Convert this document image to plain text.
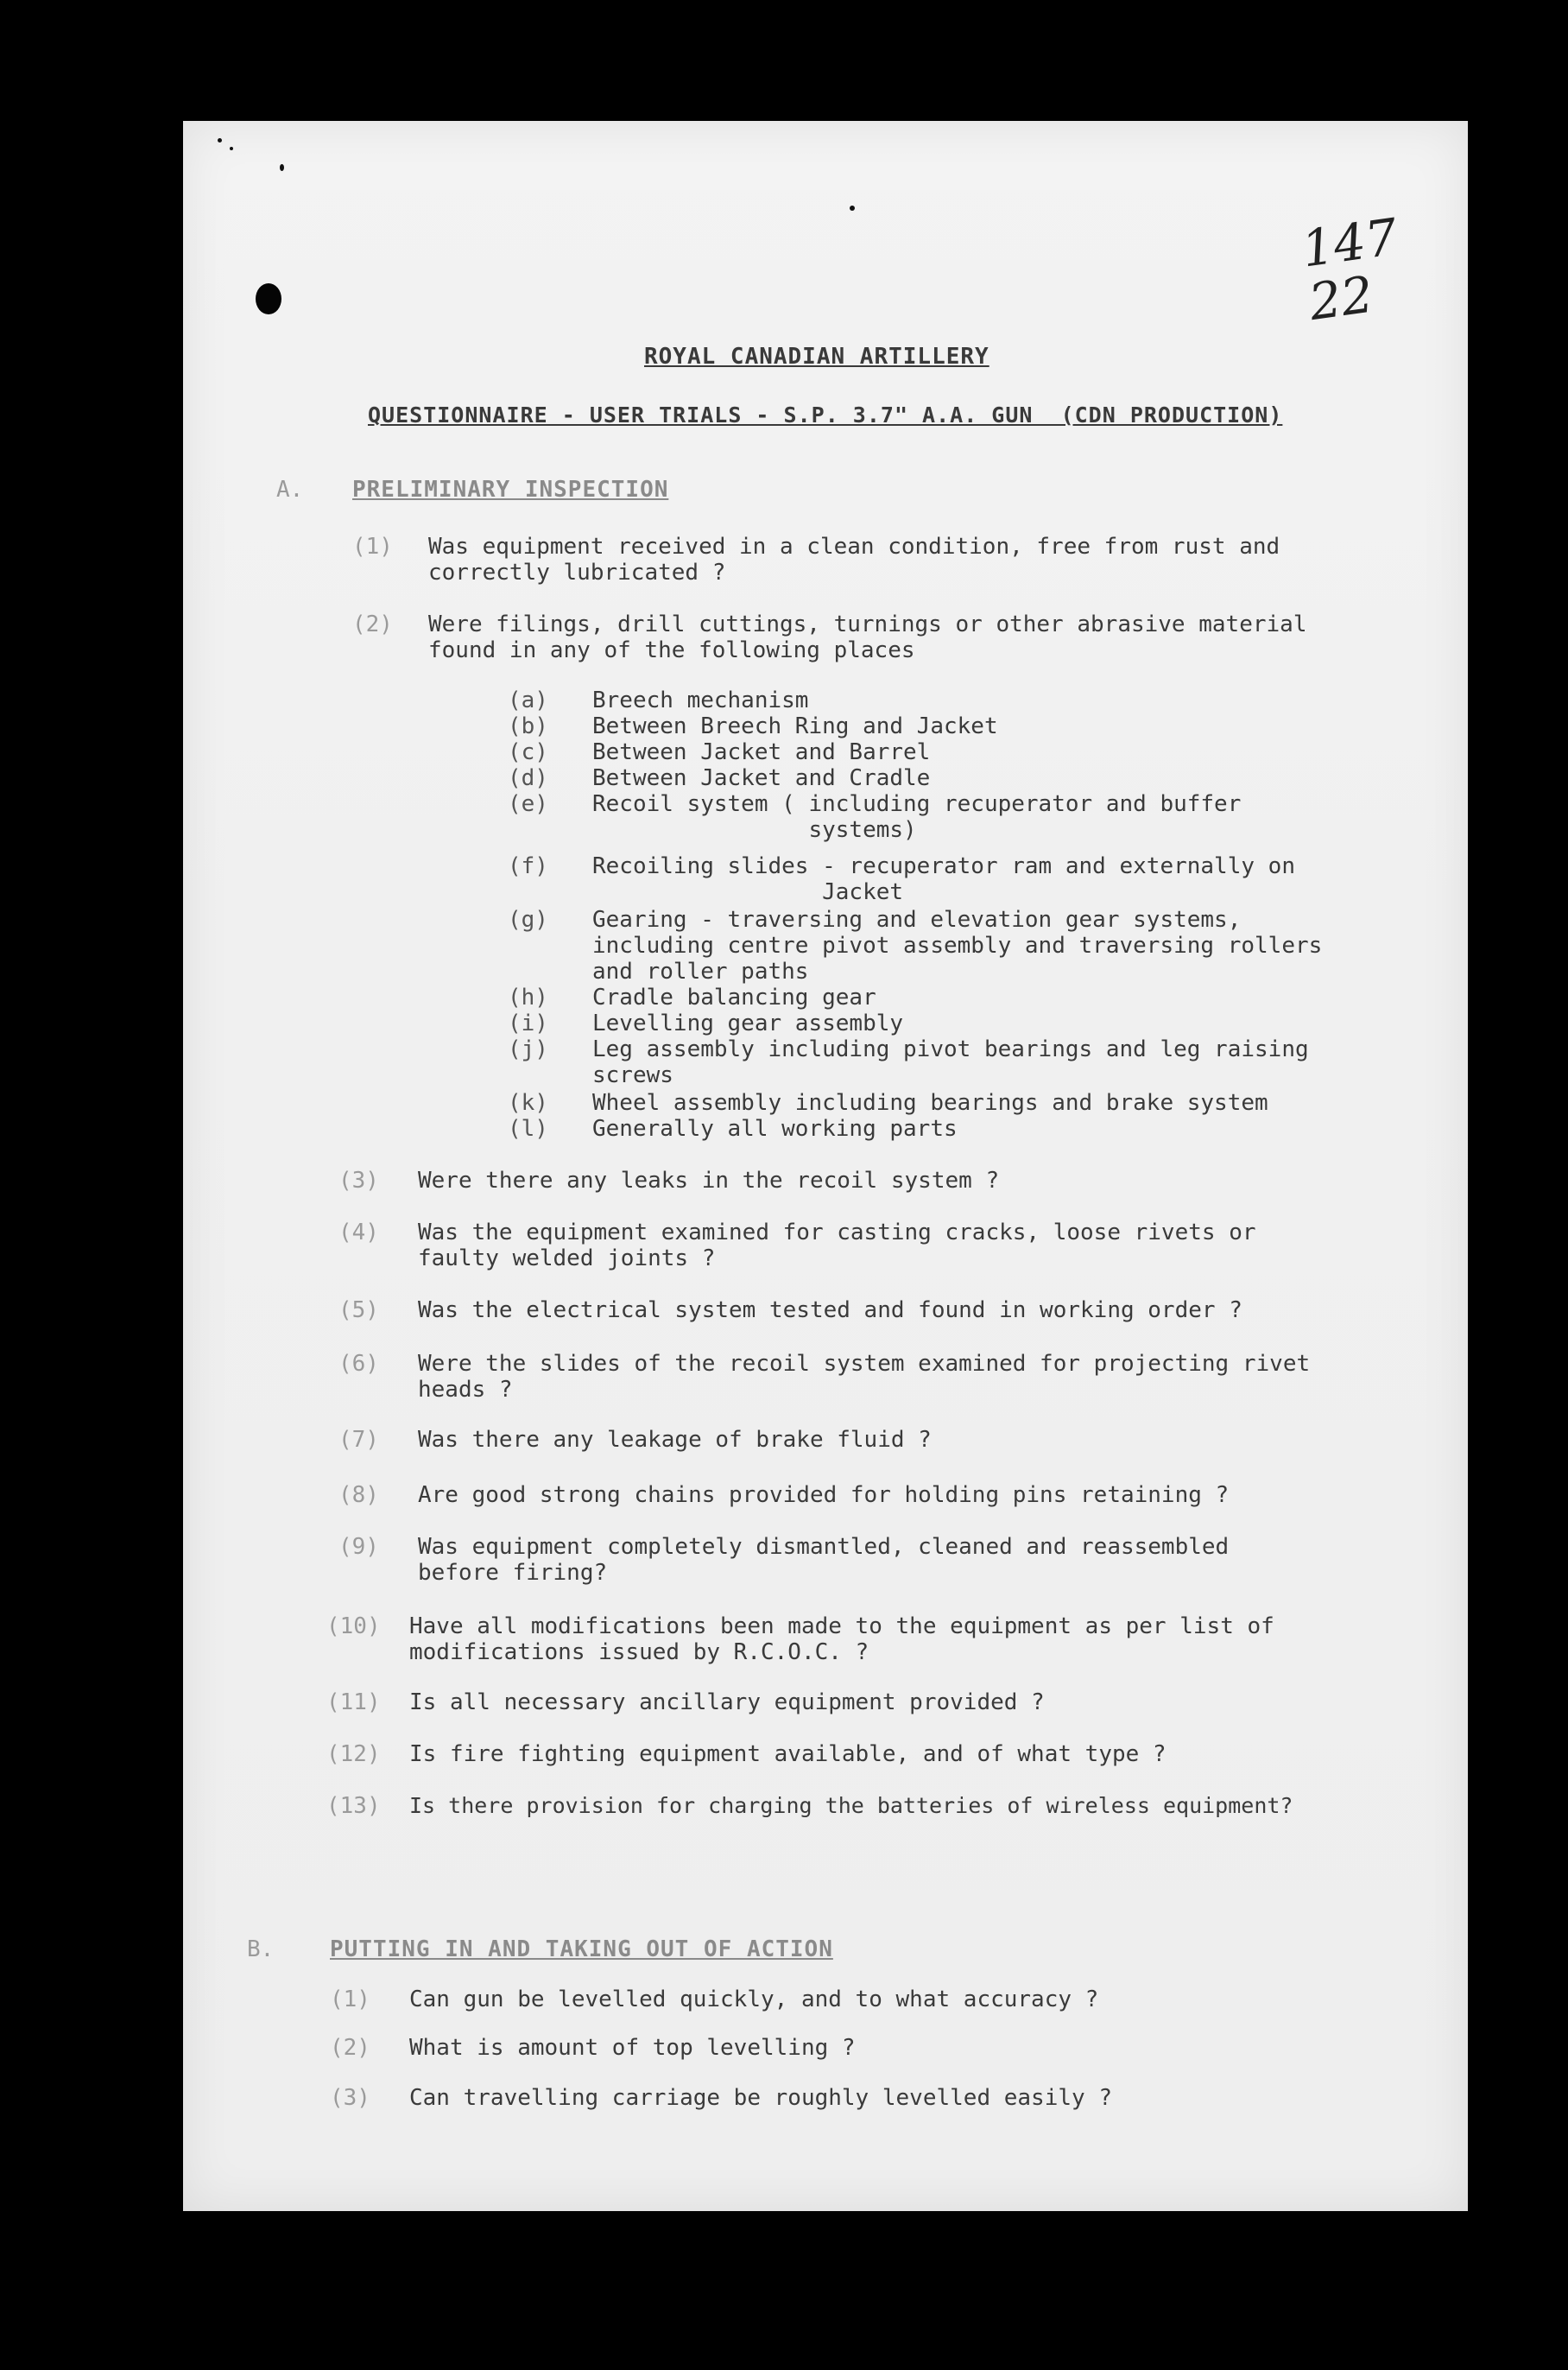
147
22
ROYAL CANADIAN ARTILLERY
QUESTIONNAIRE - USER TRIALS - S.P. 3.7" A.A. GUN  (CDN PRODUCTION)
A. PRELIMINARY INSPECTION
(1) Was equipment received in a clean condition, free from rust and
correctly lubricated ?
(2) Were filings, drill cuttings, turnings or other abrasive material
found in any of the following places
(a) Breech mechanism
(b) Between Breech Ring and Jacket
(c) Between Jacket and Barrel
(d) Between Jacket and Cradle
(e) Recoil system ( including recuperator and buffer
systems)
(f) Recoiling slides - recuperator ram and externally on
Jacket
(g) Gearing - traversing and elevation gear systems,
including centre pivot assembly and traversing rollers
and roller paths
(h) Cradle balancing gear
(i) Levelling gear assembly
(j) Leg assembly including pivot bearings and leg raising
screws
(k) Wheel assembly including bearings and brake system
(l) Generally all working parts
(3) Were there any leaks in the recoil system ?
(4) Was the equipment examined for casting cracks, loose rivets or
faulty welded joints ?
(5) Was the electrical system tested and found in working order ?
(6) Were the slides of the recoil system examined for projecting rivet
heads ?
(7) Was there any leakage of brake fluid ?
(8) Are good strong chains provided for holding pins retaining ?
(9) Was equipment completely dismantled, cleaned and reassembled
before firing?
(10) Have all modifications been made to the equipment as per list of
modifications issued by R.C.O.C. ?
(11) Is all necessary ancillary equipment provided ?
(12) Is fire fighting equipment available, and of what type ?
(13) Is there provision for charging the batteries of wireless equipment?
B. PUTTING IN AND TAKING OUT OF ACTION
(1) Can gun be levelled quickly, and to what accuracy ?
(2) What is amount of top levelling ?
(3) Can travelling carriage be roughly levelled easily ?
